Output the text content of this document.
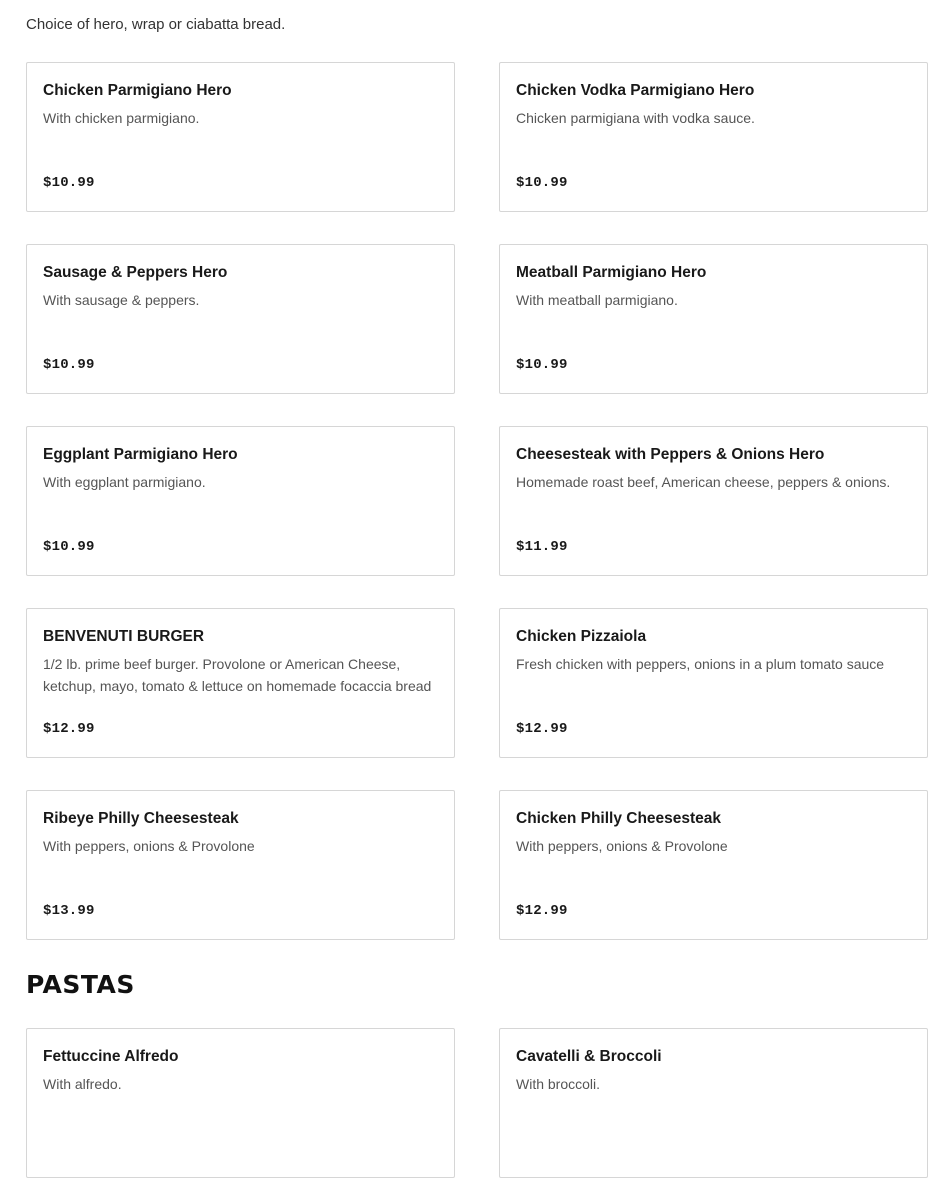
Choice of hero, wrap or ciabatta bread.

Chicken Parmigiano Hero

With chicken parmigiano.

$10.99

Chicken Vodka Parmigiano Hero

Chicken parmigiana with vodka sauce.

$10.99

Sausage & Peppers Hero

With sausage & peppers.

$10.99

Meatball Parmigiano Hero

With meatball parmigiano.

$10.99

Eggplant Parmigiano Hero

With eggplant parmigiano.

$10.99

Cheesesteak with Peppers & Onions Hero

Homemade roast beef, American cheese, peppers & onions.

$11.99

BENVENUTI BURGER

1/2 lb. prime beef burger. Provolone or American Cheese, ketchup, mayo, tomato & lettuce on homemade focaccia bread

$12.99

Chicken Pizzaiola

Fresh chicken with peppers, onions in a plum tomato sauce

$12.99

Ribeye Philly Cheesesteak

With peppers, onions & Provolone

$13.99

Chicken Philly Cheesesteak

With peppers, onions & Provolone

$12.99
PASTAS

Fettuccine Alfredo

With alfredo.

Cavatelli & Broccoli

With broccoli.
